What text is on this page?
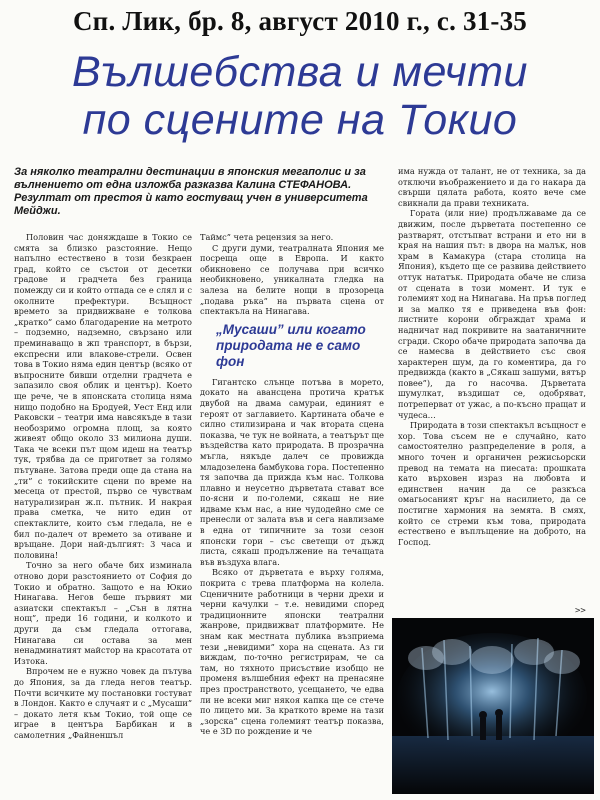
Сп. Лик, бр. 8, август 2010 г., с. 31-35
Вълшебства и мечти
по сцените на Токио
За няколко театрални дестинации в японския мегаполис и за вълнението от една изложба разказва Калина СТЕФАНОВА. Резултат от престоя ѝ като гостуващ учен в университета Мейджи.

Половин час доняждаше в Токио се смята за близко разстояние. Нещо напълно естествено в този безкраен град, който се състои от десетки градове и градчета без граница помежду си и който отпада се е слял и с околните префектури. Всъщност времето за придвижване е толкова „кратко” само благодарение на метрото – подземно, надземно, свързано или преминаващо в жп транспорт, в бързи, експресни или влакове-стрели. Освен това в Токио няма един център (всяко от въпросните бивши отделни градчета е запазило своя облик и център). Което ще рече, че в японската столица няма нищо подобно на Бродуей, Уест Енд или Раковски – театри има навсякъде в тази необозримо огромна площ, за която живеят общо около 33 милиона души. Така че всеки път щом идеш на театър тук, трябва да се пригответ за голямо пътуване. Затова преди още да стана на „ти” с токийските сцени по време на месеца от престой, първо се чувствам натурализиран ж.п. пътник. И накрая права сметка, че нито един от спектаклите, които съм гледала, не е бил по-далеч от времето за отиване и връщане. Дори най-дългият: 3 часа и половина!

Точно за него обаче бих изминала отново дори разстоянието от София до Токио и обратно. Защото е на Юкио Нинагава. Негов беше първият ми азиатски спектакъл – „Сън в лятна нощ”, преди 16 години, и колкото и други да съм гледала оттогава, Нинагава си остава за мен ненадминатият майстор на красотата от Изтока.

Впрочем не е нужно човек да пътува до Япония, за да гледа негов театър. Почти всичките му постановки гостуват в Лондон. Както е случаят и с „Мусаши” – докато летя към Токио, той още се играе в центъра Барбикан и в самолетния „Файненшъл

Таймс” чета рецензия за него.

С други думи, театралната Япония ме посреща още в Европа. И както обикновено се получава при всичко необикновено, уникалната гледка на залеза на белите нощи в прозореца „подава ръка” на първата сцена от спектакъла на Нинагава.

Гигантско слънце потъва в морето, докато на авансцена протича кратък двубой на двама самураи, единият е героят от заглавието. Картината обаче е силно стилизирана и чак втората сцена показва, че тук не войната, а театърът ще въздейства като природата. В прозрачна мъгла, някъде далеч се провижда младозелена бамбукова гора. Постепенно тя започва да прижда към нас. Толкова плавно и неусетно дърветата стават все по-ясни и по-големи, сякаш не ние идваме към нас, а ние чудодейно сме се пренесли от залата във и сега навлизаме в една от типичните за този сезон японски гори – със светещи от дъжд листа, сякаш продължение на течащата във въздуха влага.

Всяко от дърветата е върху голяма, покрита с трева платформа на колела. Сценичните работници в черни дрехи и черни качулки – т.е. невидими според традиционните японски театрални жанрове, придвижват платформите. Не знам как местната публика възприема тези „невидими” хора на сцената. Аз ги виждам, по-точно регистрирам, че са там, но тяхното присъствие изобщо не променя вълшебния ефект на пренасяне през пространството, усещането, че едва ли не всеки миг някоя капка ще се стече по лицето ми. За краткото време на тази „зорска” сцена големият театър показва, че е 3D по рождение и че

„Мусаши” или когато природата не е само фон

има нужда от талант, не от техника, за да отключи въображението и да го накара да свърши цялата работа, която вече сме свикнали да прави техниката.

Гората (или ние) продължаваме да се движим, после дърветата постепенно се разтварят, отстъпват встрани и ето ни в края на нашия път: в двора на малък, нов храм в Камакура (стара столица на Япония), където ще се развива действието оттук нататък. Природата обаче не слиза от сцената в този момент. И тук е големият ход на Нинагава. На пръв поглед и за малко тя е приведена във фон: листните корони обграждат храма и надничат над покривите на заатаничните сгради. Скоро обаче природата започва да се намесва в действието със своя характерен шум, да го коментира, да го предвижда (както в „Сякаш зашуми, вятър повее”), да го насочва. Дърветата шумулкат, въздишат се, одобряват, потреперват от ужас, а по-късно пращат и чудеса…

Природата в този спектакъл всъщност е хор. Това съсем не е случайно, като самостоятелно разпределение в роля, а много точен и органичен режисьорски превод на темата на пиесата: прошката като върховен израз на любовта и единствен начин да се разкъса омагьосаният кръг на насилието, да се постигне хармония на земята. В смях, който се стреми към това, природата естествено е въплъщение на доброто, на Господ.

>>
